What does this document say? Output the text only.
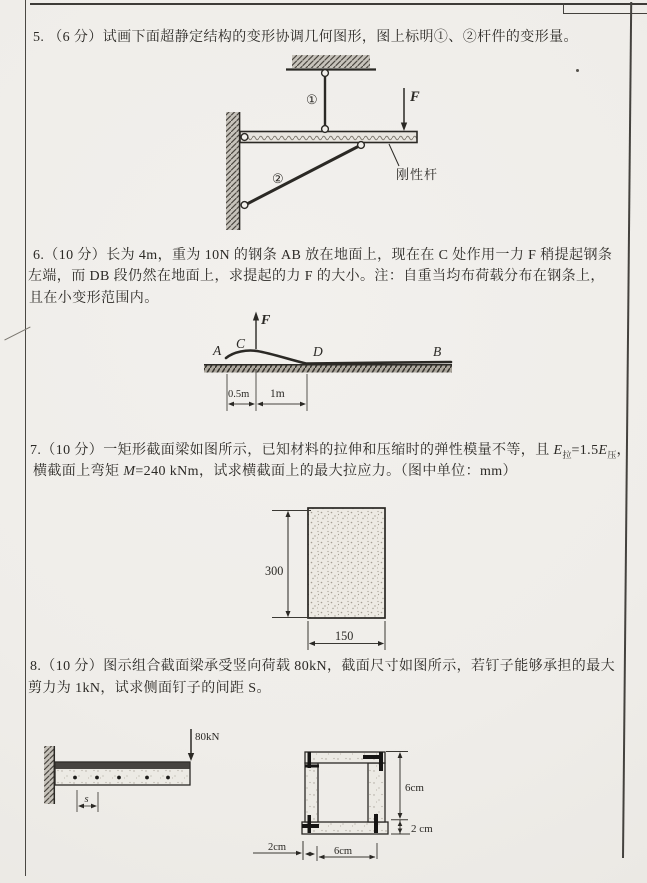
5. （6 分）试画下面超静定结构的变形协调几何图形，图上标明①、②杆件的变形量。
①
②
F
刚性杆
6.（10 分）长为 4m，重为 10N 的钢条 AB 放在地面上，现在在 C 处作用一力 F 稍提起钢条
左端，而 DB 段仍然在地面上，求提起的力 F 的大小。注：自重当均布荷载分布在钢条上，
且在小变形范围内。
F
A C
D	B
0.5m 1m
7.（10 分）一矩形截面梁如图所示，已知材料的拉伸和压缩时的弹性模量不等，且 $E_拉=1.5E_压$，
横截面上弯矩 M=240 kNm，试求横截面上的最大拉应力。（图中单位：mm）
300
150
8.（10 分）图示组合截面梁承受竖向荷载 80kN，截面尺寸如图所示，若钉子能够承担的最大
剪力为 1kN，试求侧面钉子的间距 S。
80kN
s
6cm
2 cm
2cm	6cm
